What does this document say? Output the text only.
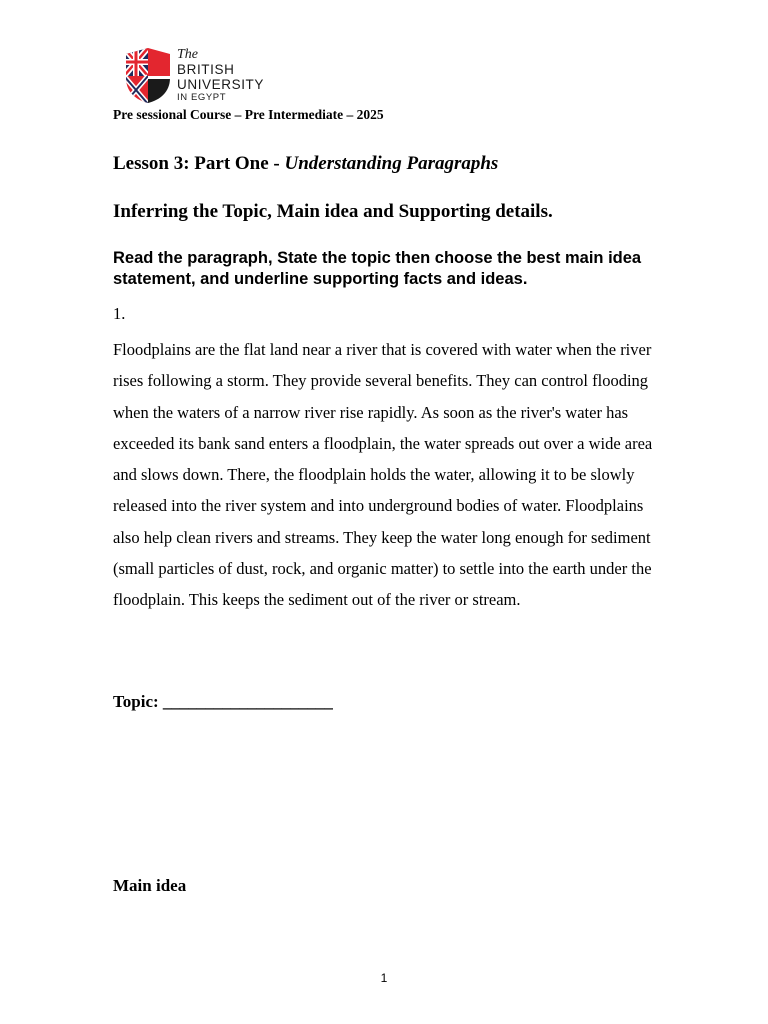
The
BRITISH
UNIVERSITY
IN EGYPT
Pre sessional Course – Pre Intermediate – 2025
Lesson 3: Part One - Understanding Paragraphs
Inferring the Topic, Main idea and Supporting details.
Read the paragraph, State the topic then choose the best main idea statement, and underline supporting facts and ideas.
1.

Floodplains are the flat land near a river that is covered with water when the river rises following a storm. They provide several benefits. They can control flooding when the waters of a narrow river rise rapidly. As soon as the river's water has exceeded its bank sand enters a floodplain, the water spreads out over a wide area and slows down. There, the floodplain holds the water, allowing it to be slowly released into the river system and into underground bodies of water. Floodplains also help clean rivers and streams. They keep the water long enough for sediment (small particles of dust, rock, and organic matter) to settle into the earth under the floodplain. This keeps the sediment out of the river or stream.

Topic: ____________________
Main idea
1
